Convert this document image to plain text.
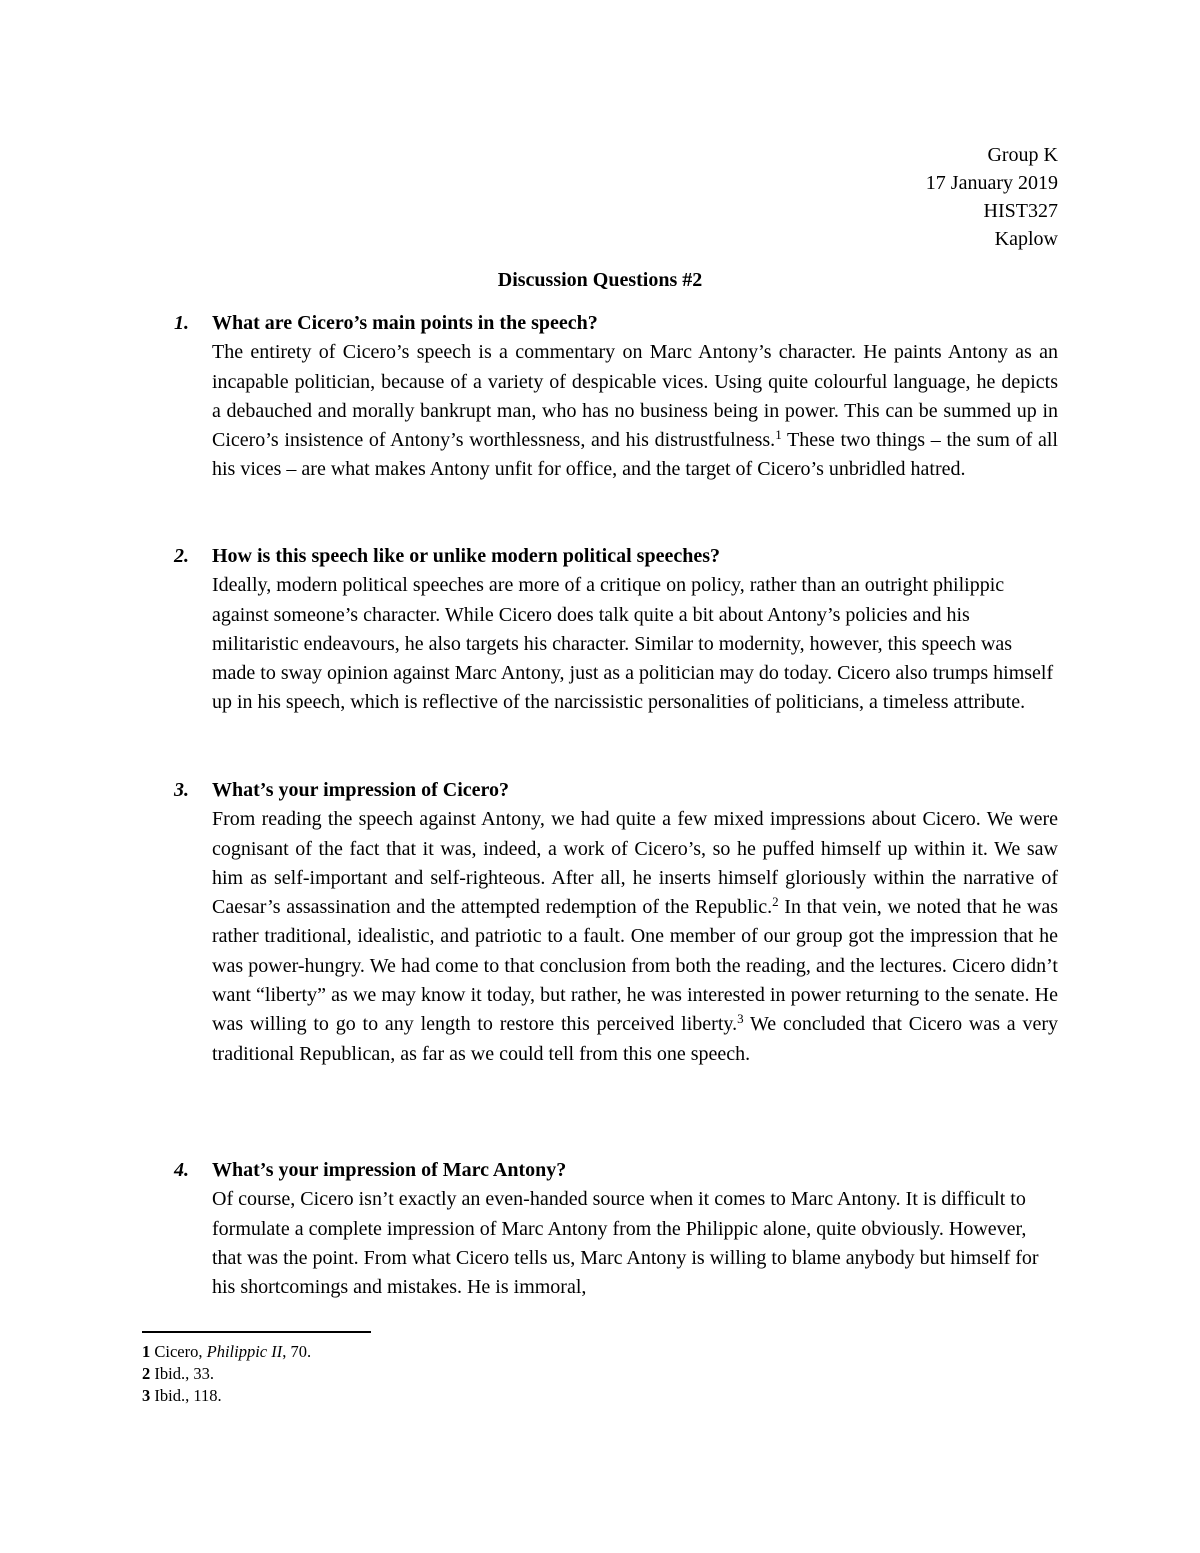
Group K
17 January 2019
HIST327
Kaplow
Discussion Questions #2
1. What are Cicero’s main points in the speech?

The entirety of Cicero’s speech is a commentary on Marc Antony’s character. He paints Antony as an incapable politician, because of a variety of despicable vices. Using quite colourful language, he depicts a debauched and morally bankrupt man, who has no business being in power. This can be summed up in Cicero’s insistence of Antony’s worthlessness, and his distrustfulness.$^1$ These two things – the sum of all his vices – are what makes Antony unfit for office, and the target of Cicero’s unbridled hatred.

2. How is this speech like or unlike modern political speeches?

Ideally, modern political speeches are more of a critique on policy, rather than an outright philippic against someone’s character. While Cicero does talk quite a bit about Antony’s policies and his militaristic endeavours, he also targets his character. Similar to modernity, however, this speech was made to sway opinion against Marc Antony, just as a politician may do today. Cicero also trumps himself up in his speech, which is reflective of the narcissistic personalities of politicians, a timeless attribute.

3. What’s your impression of Cicero?

From reading the speech against Antony, we had quite a few mixed impressions about Cicero. We were cognisant of the fact that it was, indeed, a work of Cicero’s, so he puffed himself up within it. We saw him as self-important and self-righteous. After all, he inserts himself gloriously within the narrative of Caesar’s assassination and the attempted redemption of the Republic.$^2$ In that vein, we noted that he was rather traditional, idealistic, and patriotic to a fault. One member of our group got the impression that he was power-hungry. We had come to that conclusion from both the reading, and the lectures. Cicero didn’t want “liberty” as we may know it today, but rather, he was interested in power returning to the senate. He was willing to go to any length to restore this perceived liberty.$^3$ We concluded that Cicero was a very traditional Republican, as far as we could tell from this one speech.

4. What’s your impression of Marc Antony?

Of course, Cicero isn’t exactly an even-handed source when it comes to Marc Antony. It is difficult to formulate a complete impression of Marc Antony from the Philippic alone, quite obviously. However, that was the point. From what Cicero tells us, Marc Antony is willing to blame anybody but himself for his shortcomings and mistakes. He is immoral,

1 Cicero, Philippic II, 70.
2 Ibid., 33.
3 Ibid., 118.
